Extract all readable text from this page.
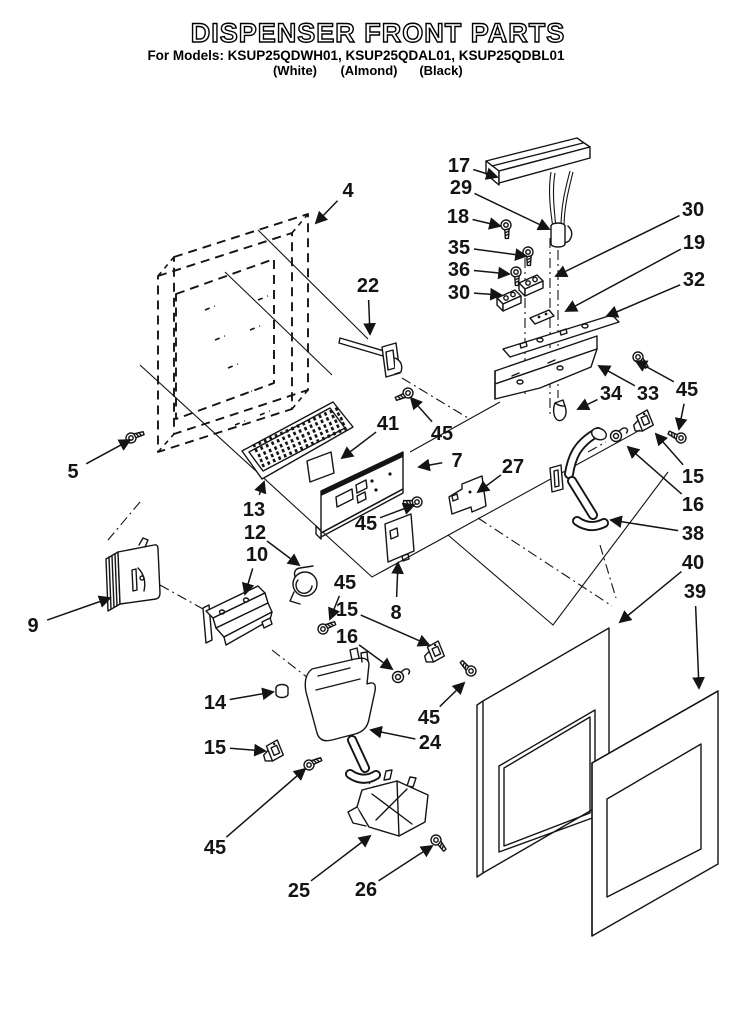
DISPENSER FRONT PARTS
For Models: KSUP25QDWH01, KSUP25QDAL01, KSUP25QDBL01
(White) (Almond) (Black)
4
17
29
18
35
36
30
30
19
32
22
45
33
34
15
16
38
40
39
5
13
12
10
9
45
45
15
16
8
41 45
7 27
14
45
24
15
45
25 26
